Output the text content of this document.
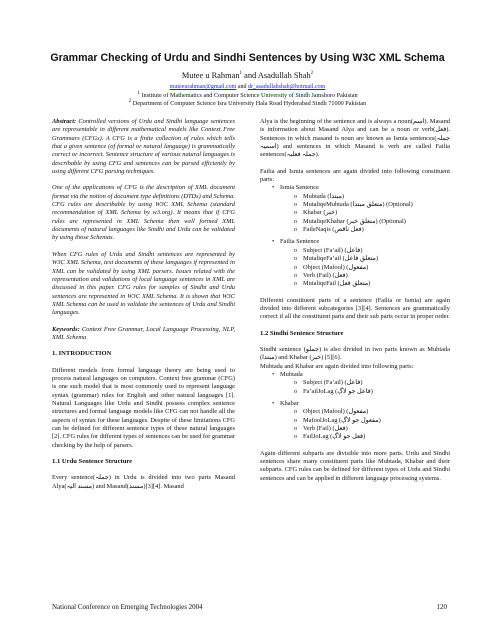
Grammar Checking of Urdu and Sindhi Sentences by Using W3C XML Schema
Mutee u Rahman$^1$ and Asadullah Shah$^2$
muteeurahman@gmail.com and dr_asadullahshah@hotmail.com
$^1$ Institute of Mathematics and Computer Science University of Sindh Jamshoro Pakistan
$^2$ Department of Computer Science Isra University Hala Road Hyderabad Sindh 71000 Pakistan

Abstract: Controlled versions of Urdu and Sindhi language sentences are representable in different mathematical models like Context Free Grammars (CFGs). A CFG is a finite collection of rules which tells that a given sentence (of formal or natural language) is grammatically correct or incorrect. Sentence structure of various natural languages is describable by using CFG and sentences can be parsed efficiently by using different CFG parsing techniques.

One of the applications of CFG is the description of XML document format via the notion of document type definitions (DTDs) and Schema. CFG rules are describable by using W3C XML Schema (standard recommendation of XML Schema by w3.org). It means that if CFG rules are represented in XML Schema then well formed XML documents of natural languages like Sindhi and Urdu can be validated by using those Schemas.

When CFG rules of Urdu and Sindhi sentences are represented by W3C XML Schema, text documents of these languages if represented in XML can be validated by using XML parsers. Issues related with the representation and validations of local language sentences in XML are discussed in this paper. CFG rules for samples of Sindhi and Urdu sentences are represented in W3C XML Schema. It is shown that W3C XML Schema can be used to validate the sentences of Urdu and Sindhi languages.

Keywords: Context Free Grammar, Local Language Processing, NLP, XML Schema

1. INTRODUCTION

Different models from formal language theory are being used to process natural languages on computers. Context free grammar (CFG) is one such model that is most commonly used to represent language syntax (grammar) rules for English and other natural languages [1]. Natural Languages like Urdu and Sindhi possess complex sentence structures and formal language models like CFG can not handle all the aspects of syntax for these languages. Despite of these limitations CFG can be defined for different sentence types of these natural languages [2]. CFG rules for different types of sentences can be used for grammar checking by the help of parsers.

1.1 Urdu Sentence Structure

Every sentence(جملہ) in Urdu is divided into two parts Masand Alya(مسند الیہ) and Masand(مسند)[3][4]. Masand

Alya is the beginning of the sentence and is always a noun(اسم). Masand is information about Masand Alya and can be a noun or verb(فعل). Sentences in which masand is noun are known as Ismia sentences(جملہ اسمیہ) and sentences in which Masand is verb are called Failia sentences(جملہ فعلیہ).

Failia and Ismia sentences are again divided into following constituent parts:

• Ismia Sentence
o Mubtada (مبتدا)
o MutaliqeMubtada (متعلق مبتدا) (Optional)
o Khabar (خبر)
o MutaliqeKhabar (متعلق خبر) (Optional)
o FaileNaqis (فعل ناقص)
• Failia Sentence
o Subject (Fa’ail) (فاعل)
o MutaliqeFa’ail (متعلق فاعل)
o Object (Mafool) (مفعول)
o Verb (Fail) (فعل)
o MutaliqeFail (متعلق فعل)

Different constituent parts of a sentence (Failia or Ismia) are again divided into different subcategories [3][4]. Sentences are grammatically correct if all the constituent parts and their sub parts occur in proper order.

1.2 Sindhi Sentence Structure

Sindhi sentence (جملو) is also divided in two parts known as Mubtada (مبتدا) and Khabar (خبر) [5][6].

Mubtada and Khabar are again divided into following parts:

• Mubtada
o Subject (Fa’ail) (فاعل)
o Fa’ailJoLag (فاعل جو لاڳ)
• Khabar
o Object (Mafool) (مفعول)
o MafoolJoLag (مفعول جو لاڳ)
o Verb (Fail) (فعل)
o FailJoLag (فعل جو لاڳ)

Again different subparts are divisible into more parts. Urdu and Sindhi sentences share many constituent parts like Mubtada, Khabar and their subparts. CFG rules can be defined for different types of Urdu and Sindhi sentences and can be applied in different language processing systems.

National Conference on Emerging Technologies 2004	120
